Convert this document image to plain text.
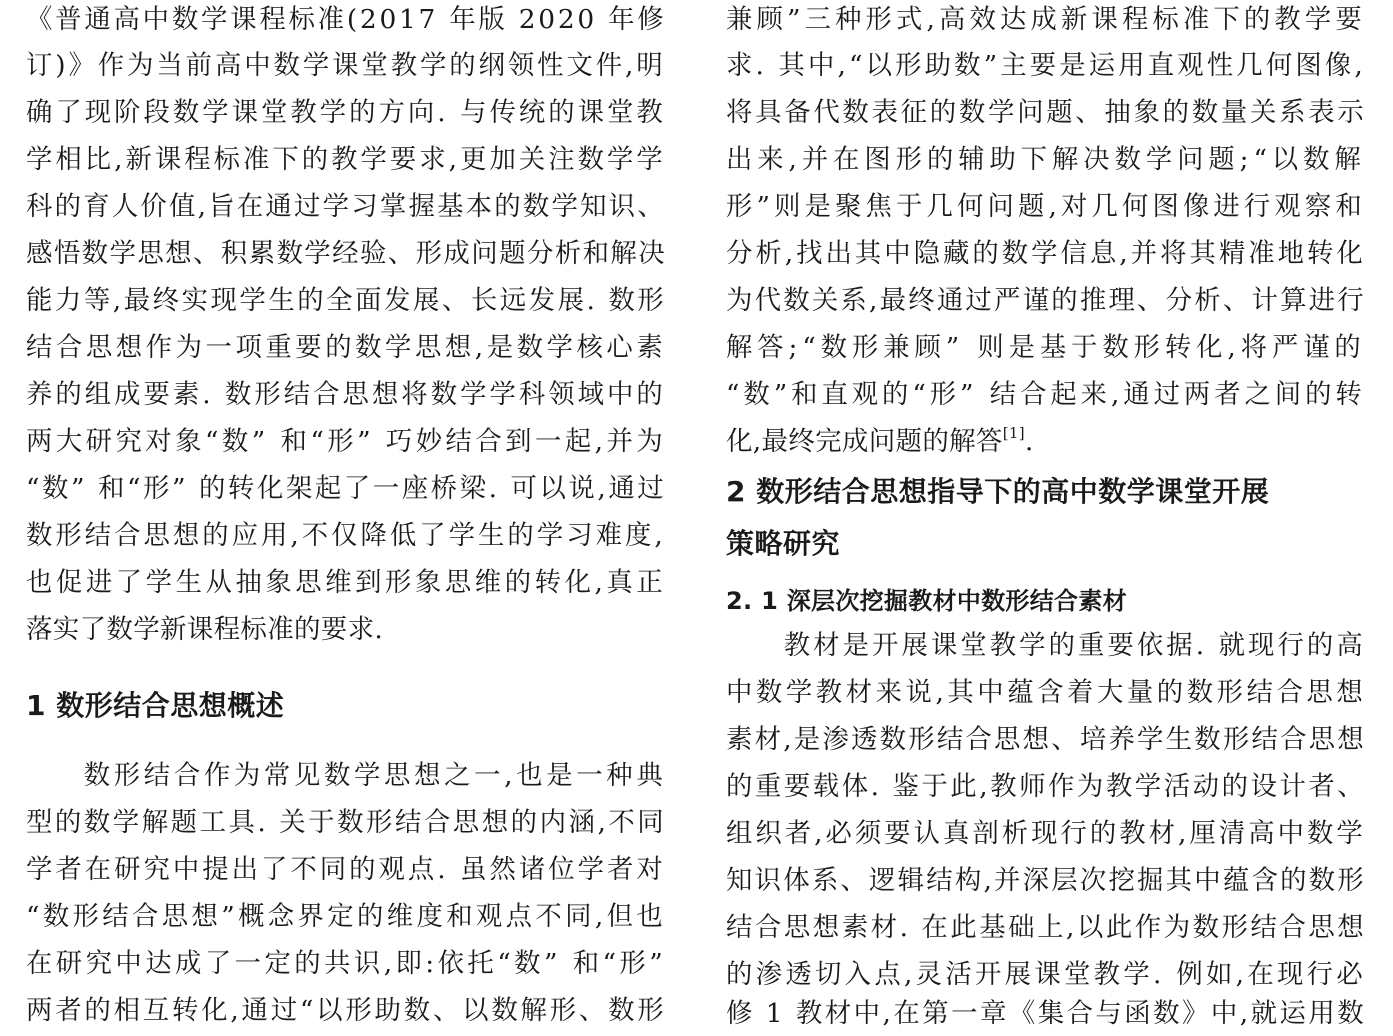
《普通高中数学课程标准(2017 年版 2020 年修
订)》作为当前高中数学课堂教学的纲领性文件,明
确了现阶段数学课堂教学的方向. 与传统的课堂教
学相比,新课程标准下的教学要求,更加关注数学学
科的育人价值,旨在通过学习掌握基本的数学知识、
感悟数学思想、积累数学经验、形成问题分析和解决
能力等,最终实现学生的全面发展、长远发展. 数形
结合思想作为一项重要的数学思想,是数学核心素
养的组成要素. 数形结合思想将数学学科领域中的
两大研究对象“数” 和“形” 巧妙结合到一起,并为
“数” 和“形” 的转化架起了一座桥梁. 可以说,通过
数形结合思想的应用,不仅降低了学生的学习难度,
也促进了学生从抽象思维到形象思维的转化,真正
落实了数学新课程标准的要求.
1 数形结合思想概述
数形结合作为常见数学思想之一,也是一种典
型的数学解题工具. 关于数形结合思想的内涵,不同
学者在研究中提出了不同的观点. 虽然诸位学者对
“数形结合思想”概念界定的维度和观点不同,但也
在研究中达成了一定的共识,即:依托“数” 和“形”
两者的相互转化,通过“以形助数、以数解形、数形
兼顾”三种形式,高效达成新课程标准下的教学要
求. 其中,“以形助数”主要是运用直观性几何图像,
将具备代数表征的数学问题、抽象的数量关系表示
出来,并在图形的辅助下解决数学问题;“以数解
形”则是聚焦于几何问题,对几何图像进行观察和
分析,找出其中隐藏的数学信息,并将其精准地转化
为代数关系,最终通过严谨的推理、分析、计算进行
解答;“数形兼顾” 则是基于数形转化,将严谨的
“数”和直观的“形” 结合起来,通过两者之间的转
化,最终完成问题的解答[1].
2 数形结合思想指导下的高中数学课堂开展
策略研究
2. 1 深层次挖掘教材中数形结合素材
教材是开展课堂教学的重要依据. 就现行的高
中数学教材来说,其中蕴含着大量的数形结合思想
素材,是渗透数形结合思想、培养学生数形结合思想
的重要载体. 鉴于此,教师作为教学活动的设计者、
组织者,必须要认真剖析现行的教材,厘清高中数学
知识体系、逻辑结构,并深层次挖掘其中蕴含的数形
结合思想素材. 在此基础上,以此作为数形结合思想
的渗透切入点,灵活开展课堂教学. 例如,在现行必
修 1 教材中,在第一章《集合与函数》中,就运用数
